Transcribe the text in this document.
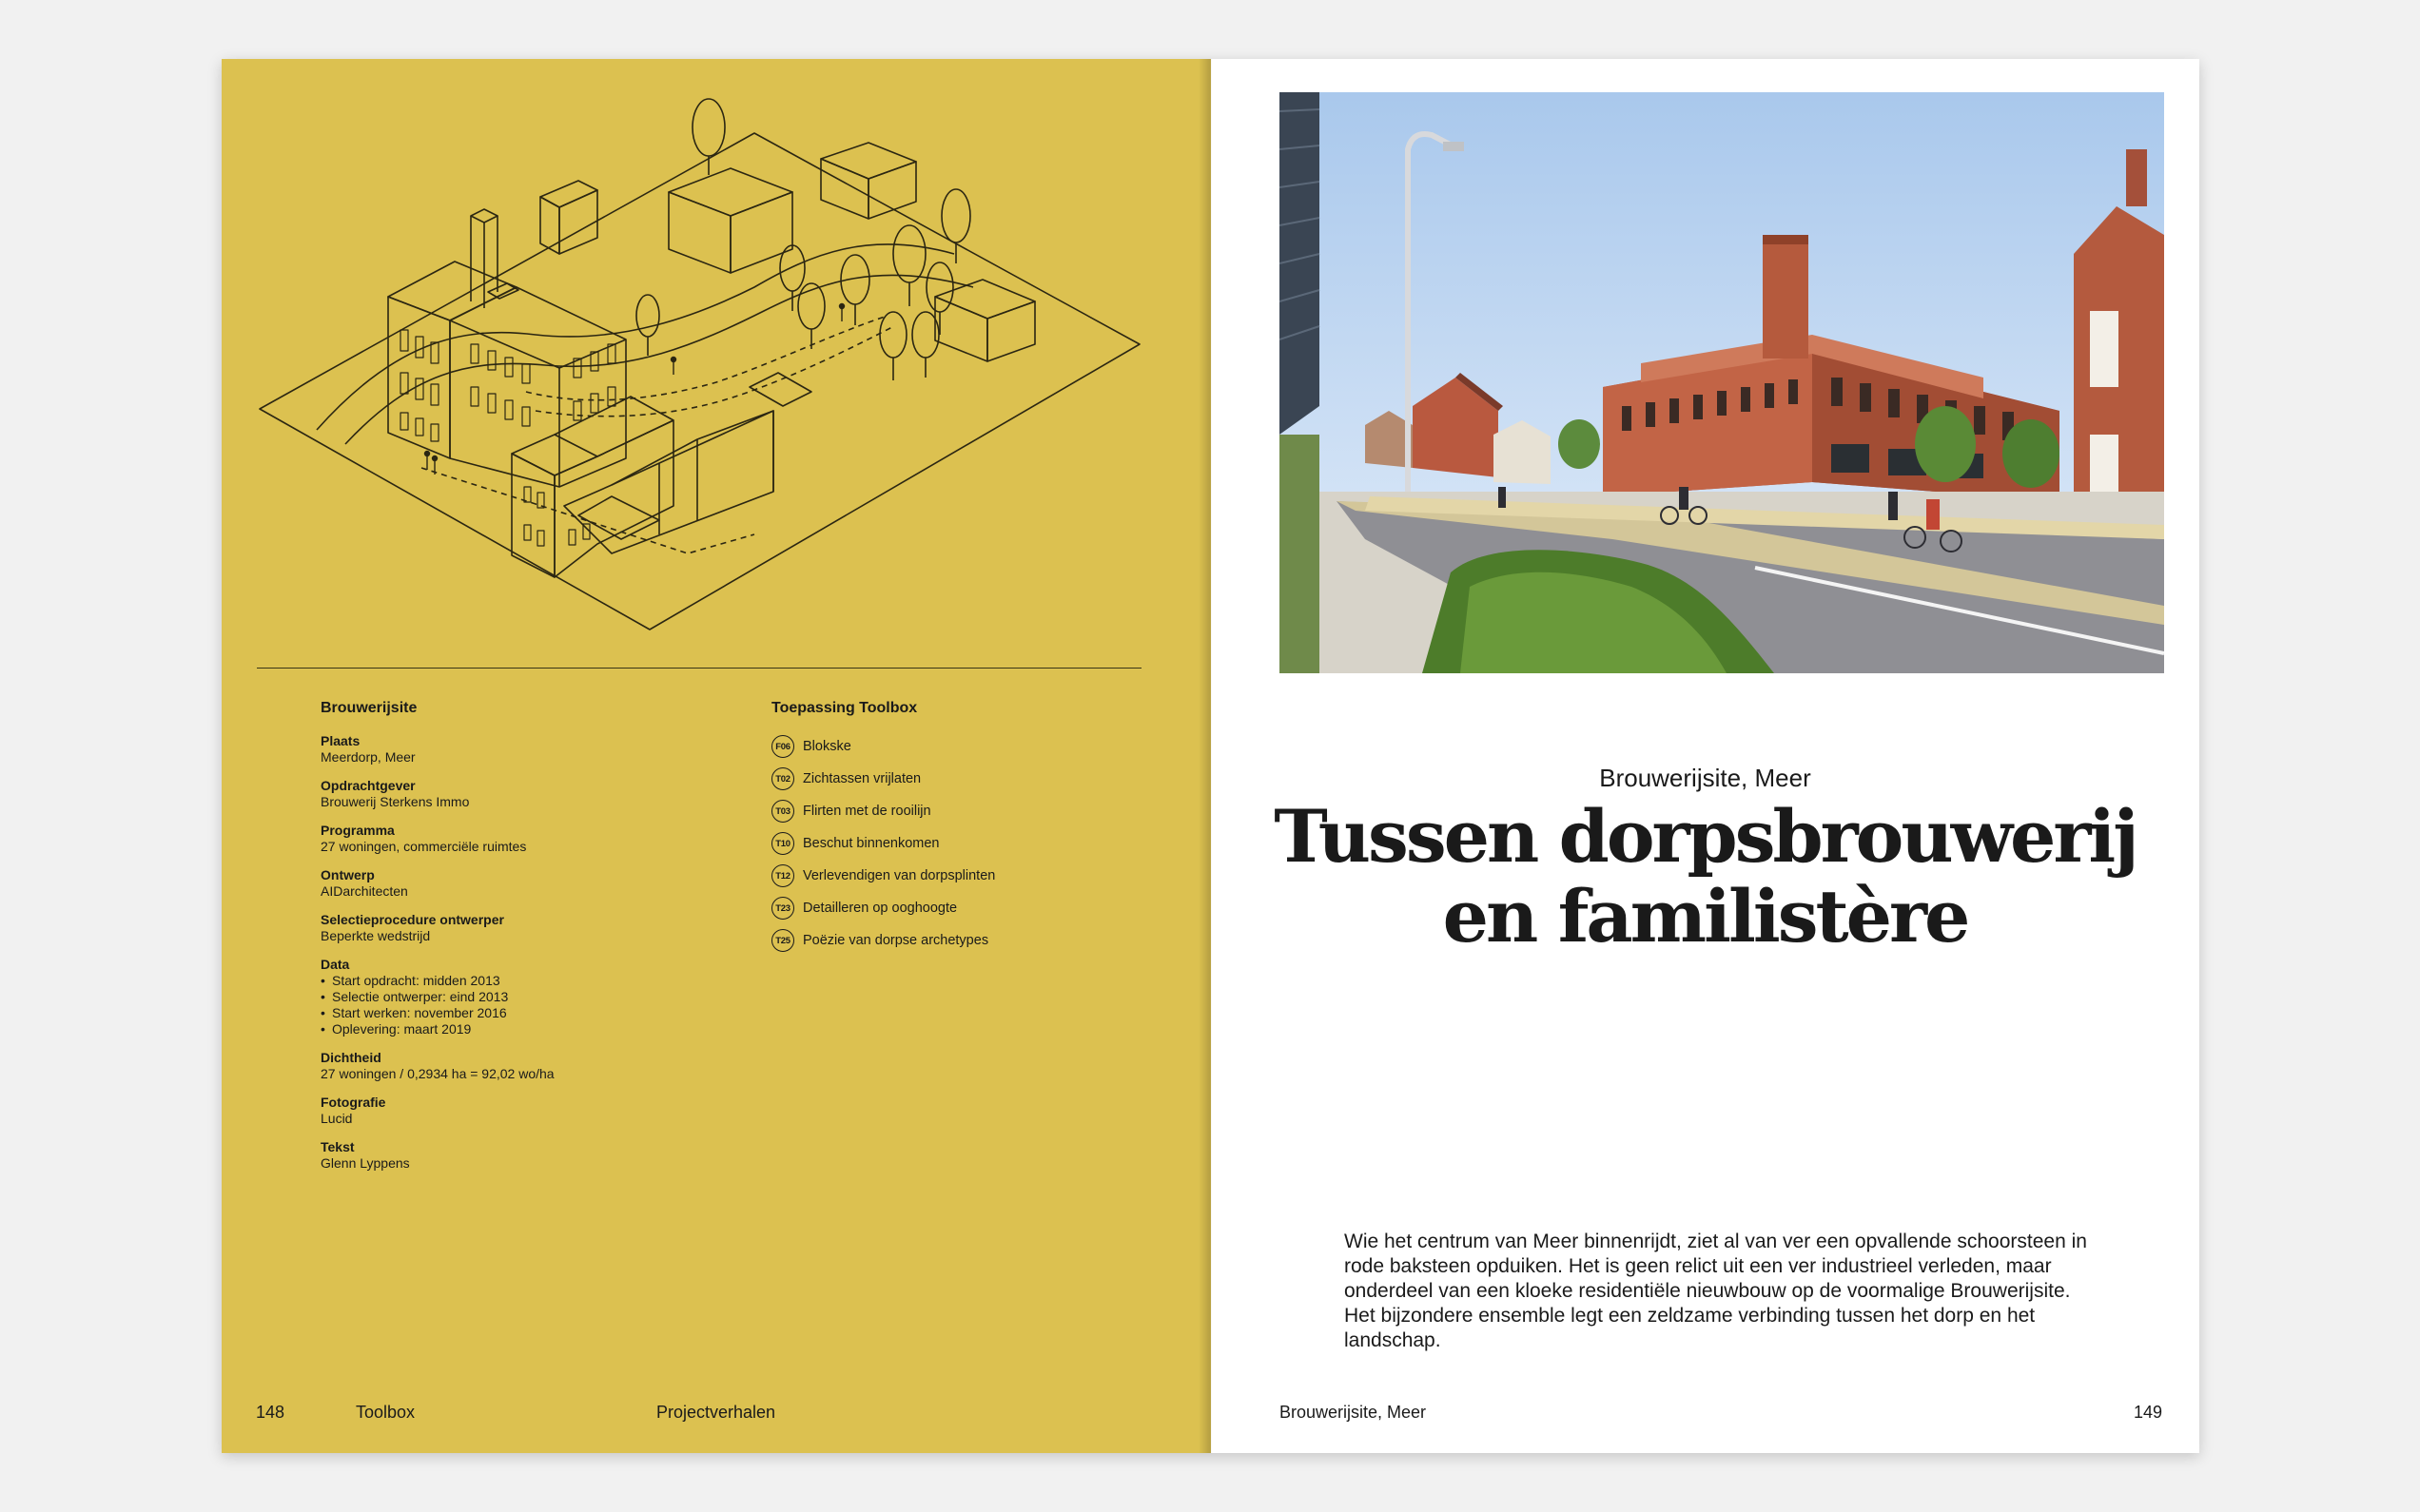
Brouwerijsite
Plaats
Meerdorp, Meer
Opdrachtgever
Brouwerij Sterkens Immo
Programma
27 woningen, commerciële ruimtes
Ontwerp
AIDarchitecten
Selectieprocedure ontwerper
Beperkte wedstrijd
Data
• Start opdracht: midden 2013
• Selectie ontwerper: eind 2013
• Start werken: november 2016
• Oplevering: maart 2019
Dichtheid
27 woningen / 0,2934 ha = 92,02 wo/ha
Fotografie
Lucid
Tekst
Glenn Lyppens
Toepassing Toolbox
F06 Blokske
T02 Zichtassen vrijlaten
T03 Flirten met de rooilijn
T10 Beschut binnenkomen
T12 Verlevendigen van dorpsplinten
T23 Detailleren op ooghoogte
T25 Poëzie van dorpse archetypes
148	Toolbox	Projectverhalen
Brouwerijsite, Meer
Tussen dorpsbrouwerij
en familistère

Wie het centrum van Meer binnenrijdt, ziet al van ver een opvallende schoorsteen in rode baksteen opduiken. Het is geen relict uit een ver industrieel verleden, maar onderdeel van een kloeke residentiële nieuwbouw op de voormalige Brouwerijsite. Het bijzondere ensemble legt een zeldzame verbinding tussen het dorp en het landschap.

Brouwerijsite, Meer	149
